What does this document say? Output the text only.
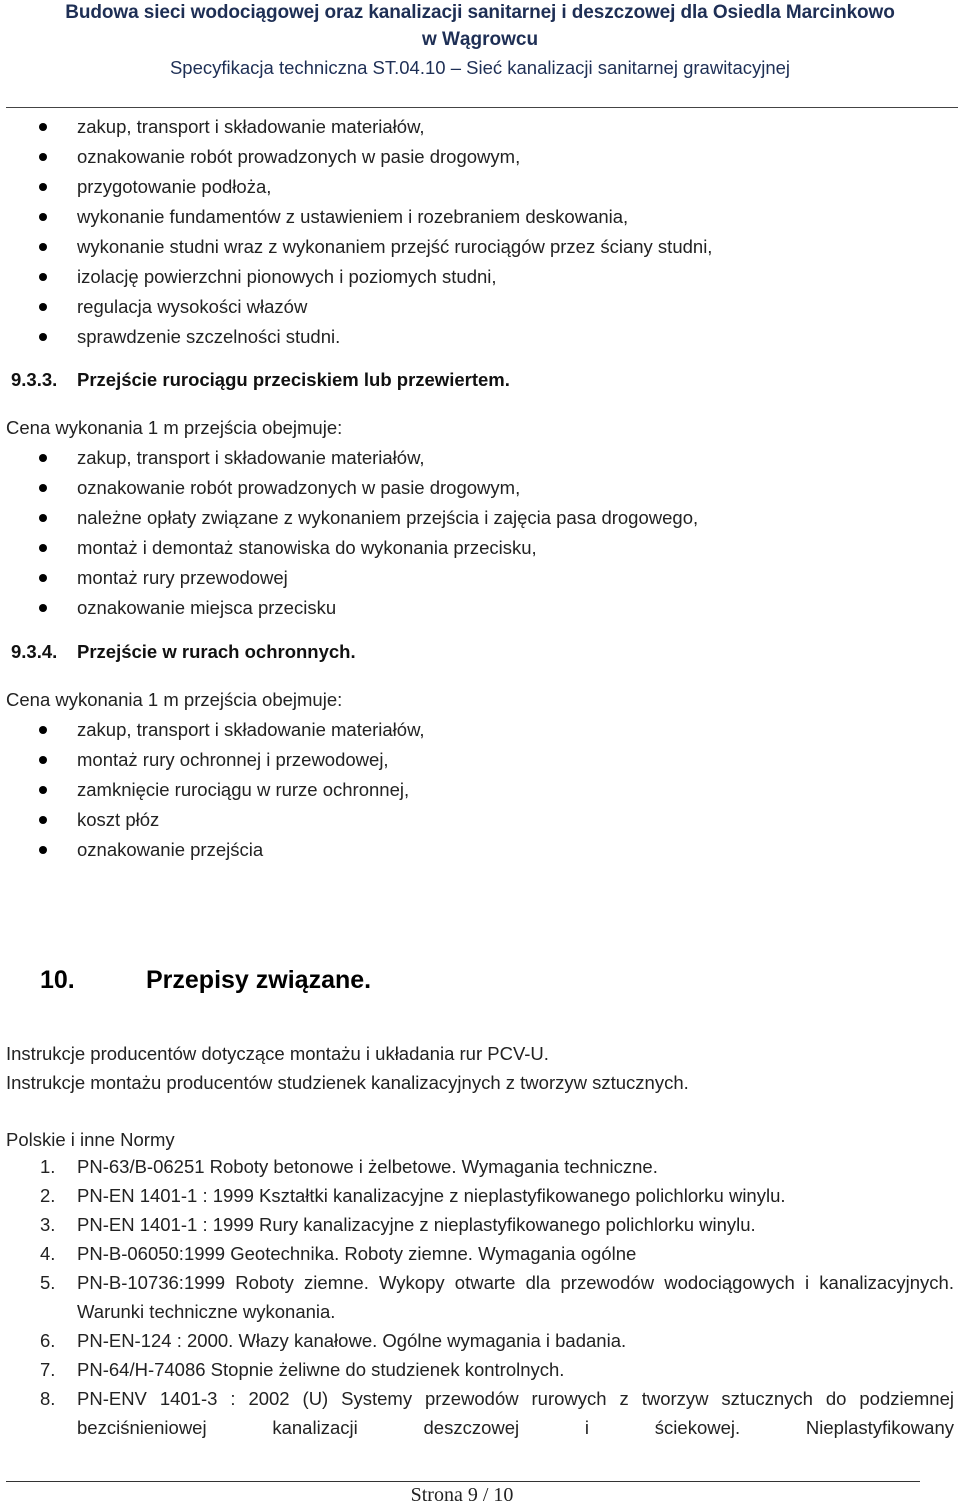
Budowa sieci wodociągowej oraz kanalizacji sanitarnej i deszczowej dla Osiedla Marcinkowo
w Wągrowcu
Specyfikacja techniczna ST.04.10 – Sieć kanalizacji sanitarnej grawitacyjnej
zakup, transport i składowanie materiałów,
oznakowanie robót prowadzonych w pasie drogowym,
przygotowanie podłoża,
wykonanie fundamentów z ustawieniem i rozebraniem deskowania,
wykonanie studni wraz z wykonaniem przejść rurociągów przez ściany studni,
izolację powierzchni pionowych i poziomych studni,
regulacja wysokości włazów
sprawdzenie szczelności studni.
9.3.3. Przejście rurociągu przeciskiem lub przewiertem.
Cena wykonania 1 m przejścia obejmuje:
zakup, transport i składowanie materiałów,
oznakowanie robót prowadzonych w pasie drogowym,
należne opłaty związane z wykonaniem przejścia i zajęcia pasa drogowego,
montaż i demontaż stanowiska do wykonania przecisku,
montaż rury przewodowej
oznakowanie miejsca przecisku
9.3.4. Przejście w rurach ochronnych.
Cena wykonania 1 m przejścia obejmuje:
zakup, transport i składowanie materiałów,
montaż rury ochronnej i przewodowej,
zamknięcie rurociągu w rurze ochronnej,
koszt płóz
oznakowanie przejścia
10.	Przepisy związane.
Instrukcje producentów dotyczące montażu i układania rur PCV-U.
Instrukcje montażu producentów studzienek kanalizacyjnych z tworzyw sztucznych.
Polskie i inne Normy
1. PN-63/B-06251 Roboty betonowe i żelbetowe. Wymagania techniczne.
2. PN-EN 1401-1 : 1999 Kształtki kanalizacyjne z nieplastyfikowanego polichlorku winylu.
3. PN-EN 1401-1 : 1999 Rury kanalizacyjne z nieplastyfikowanego polichlorku winylu.
4. PN-B-06050:1999 Geotechnika. Roboty ziemne. Wymagania ogólne
5. PN-B-10736:1999 Roboty ziemne. Wykopy otwarte dla przewodów wodociągowych i kanalizacyjnych. Warunki techniczne wykonania.
6. PN-EN-124 : 2000. Włazy kanałowe. Ogólne wymagania i badania.
7. PN-64/H-74086 Stopnie żeliwne do studzienek kontrolnych.
8. PN-ENV 1401-3 : 2002 (U) Systemy przewodów rurowych z tworzyw sztucznych do podziemnej bezciśnieniowej kanalizacji deszczowej i ściekowej. Nieplastyfikowany
Strona 9 / 10
